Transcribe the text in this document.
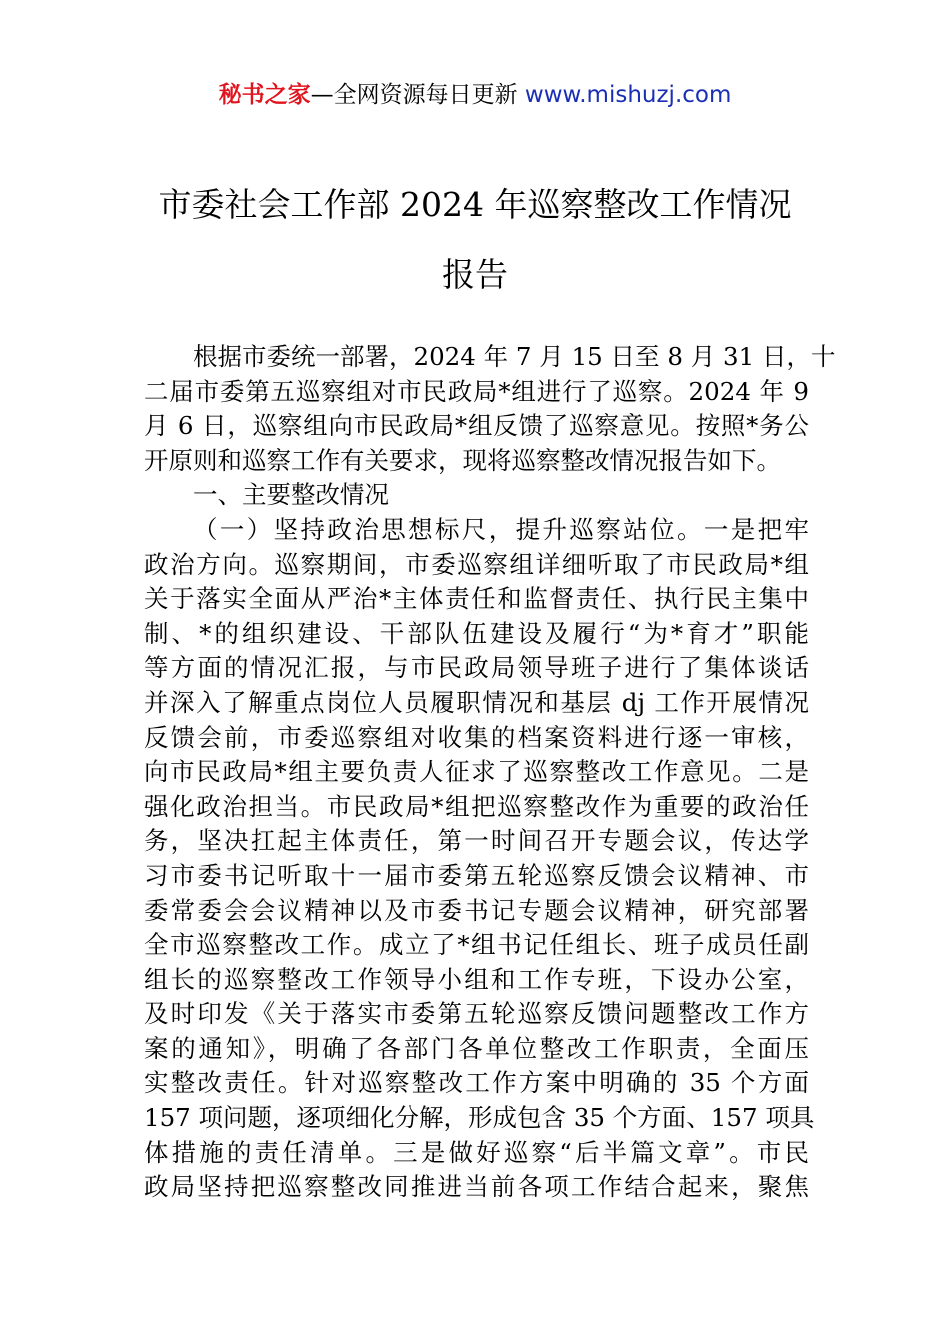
秘书之家—全网资源每日更新 www.mishuzj.com
市委社会工作部 2024 年巡察整改工作情况
报告
根据市委统一部署，2024 年 7 月 15 日至 8 月 31 日，十
二届市委第五巡察组对市民政局*组进行了巡察。2024 年 9
月 6 日，巡察组向市民政局*组反馈了巡察意见。按照*务公
开原则和巡察工作有关要求，现将巡察整改情况报告如下。
一、主要整改情况
（一）坚持政治思想标尺，提升巡察站位。一是把牢
政治方向。巡察期间，市委巡察组详细听取了市民政局*组
关于落实全面从严治*主体责任和监督责任、执行民主集中
制、*的组织建设、干部队伍建设及履行“为*育才”职能
等方面的情况汇报，与市民政局领导班子进行了集体谈话
并深入了解重点岗位人员履职情况和基层 dj 工作开展情况
反馈会前，市委巡察组对收集的档案资料进行逐一审核，
向市民政局*组主要负责人征求了巡察整改工作意见。二是
强化政治担当。市民政局*组把巡察整改作为重要的政治任
务，坚决扛起主体责任，第一时间召开专题会议，传达学
习市委书记听取十一届市委第五轮巡察反馈会议精神、市
委常委会会议精神以及市委书记专题会议精神，研究部署
全市巡察整改工作。成立了*组书记任组长、班子成员任副
组长的巡察整改工作领导小组和工作专班，下设办公室，
及时印发《关于落实市委第五轮巡察反馈问题整改工作方
案的通知》，明确了各部门各单位整改工作职责，全面压
实整改责任。针对巡察整改工作方案中明确的 35 个方面
157 项问题，逐项细化分解，形成包含 35 个方面、157 项具
体措施的责任清单。三是做好巡察“后半篇文章”。市民
政局坚持把巡察整改同推进当前各项工作结合起来，聚焦
